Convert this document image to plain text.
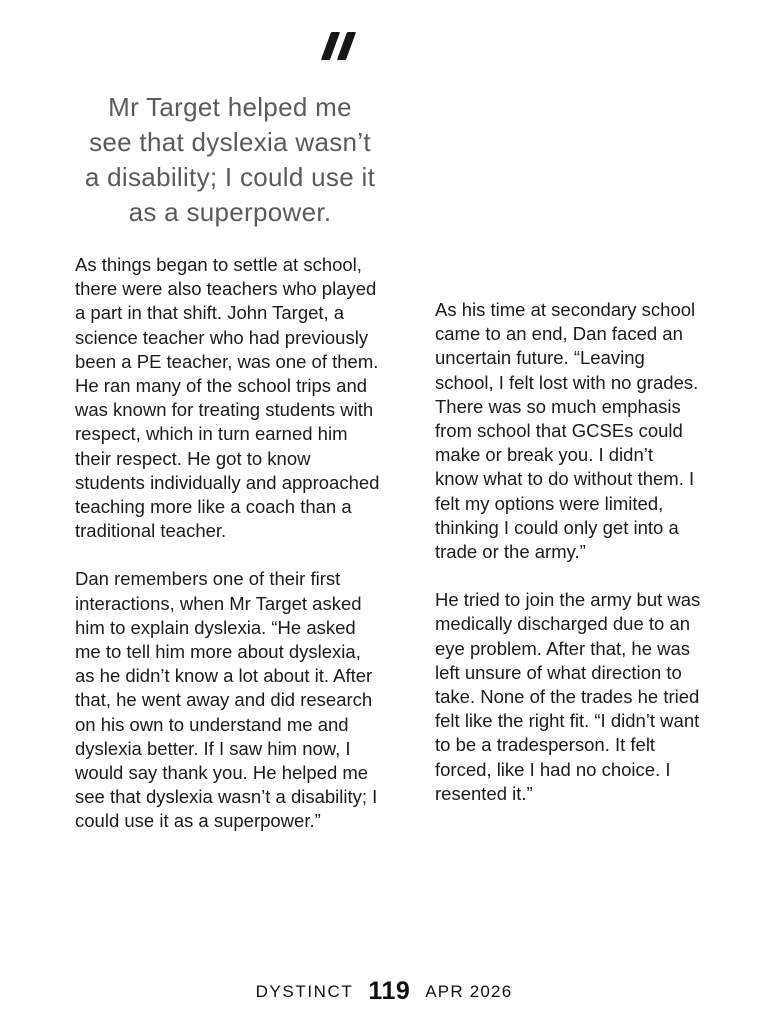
Mr Target helped me
see that dyslexia wasn’t
a disability; I could use it
as a superpower.

As things began to settle at school, there were also teachers who played a part in that shift. John Target, a science teacher who had previously been a PE teacher, was one of them. He ran many of the school trips and was known for treating students with respect, which in turn earned him their respect. He got to know students individually and approached teaching more like a coach than a traditional teacher.

Dan remembers one of their first interactions, when Mr Target asked him to explain dyslexia. “He asked me to tell him more about dyslexia, as he didn’t know a lot about it. After that, he went away and did research on his own to understand me and dyslexia better. If I saw him now, I would say thank you. He helped me see that dyslexia wasn’t a disability; I could use it as a superpower.”

As his time at secondary school came to an end, Dan faced an uncertain future. “Leaving school, I felt lost with no grades. There was so much emphasis from school that GCSEs could make or break you. I didn’t know what to do without them. I felt my options were limited, thinking I could only get into a trade or the army.”

He tried to join the army but was medically discharged due to an eye problem. After that, he was left unsure of what direction to take. None of the trades he tried felt like the right fit. “I didn’t want to be a tradesperson. It felt forced, like I had no choice. I resented it.”

DYSTINCT 119 APR 2026
